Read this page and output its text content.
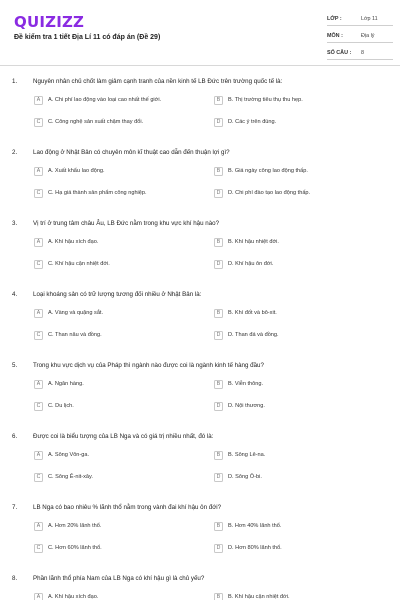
QUIZIZZ
Đề kiểm tra 1 tiết Địa Lí 11 có đáp án (Đề 29)
LỚP :	Lớp 11
MÔN :	Địa lý
SỐ CÂU :	8
1.	Nguyên nhân chủ chốt làm giảm cạnh tranh của nền kinh tế LB Đức trên trường quốc tế là:
A	A. Chi phí lao động vào loại cao nhất thế giới.	B	B. Thị trường tiêu thụ thu hẹp.
C	C. Công nghệ sản xuất chậm thay đổi.	D	D. Các ý trên đúng.
2.	Lao động ở Nhật Bản có chuyên môn kĩ thuật cao dẫn đến thuận lợi gì?
A	A. Xuất khẩu lao động.	B	B. Giá ngày công lao động thấp.
C	C. Hạ giá thành sản phẩm công nghiệp.	D	D. Chi phí đào tạo lao động thấp.
3.	Vị trí ở trung tâm châu Âu, LB Đức nằm trong khu vực khí hậu nào?
A	A. Khí hậu xích đạo.	B	B. Khí hậu nhiệt đới.
C	C. Khí hậu cận nhiệt đới.	D	D. Khí hậu ôn đới.
4.	Loại khoáng sản có trữ lượng tương đối nhiều ở Nhật Bản là:
A	A. Vàng và quặng sắt.	B	B. Khí đốt và bô-xit.
C	C. Than nâu và đồng.	D	D. Than đá và đồng.
5.	Trong khu vực dịch vụ của Pháp thì ngành nào được coi là ngành kinh tế hàng đầu?
A	A. Ngân hàng.	B	B. Viễn thông.
C	C. Du lịch.	D	D. Nội thương.
6.	Được coi là biểu tượng của LB Nga và có giá trị nhiều nhất, đó là:
A	A. Sông Vôn-ga.	B	B. Sông Lê-na.
C	C. Sông Ê-nit-xây.	D	D. Sông Ô-bi.
7.	LB Nga có bao nhiêu % lãnh thổ nằm trong vành đai khí hậu ôn đới?
A	A. Hơn 20% lãnh thổ.	B	B. Hơn 40% lãnh thổ.
C	C. Hơn 60% lãnh thổ.	D	D. Hơn 80% lãnh thổ.
8.	Phần lãnh thổ phía Nam của LB Nga có khí hậu gì là chủ yếu?
A	A. Khí hậu xích đạo.	B	B. Khí hậu cận nhiệt đới.
